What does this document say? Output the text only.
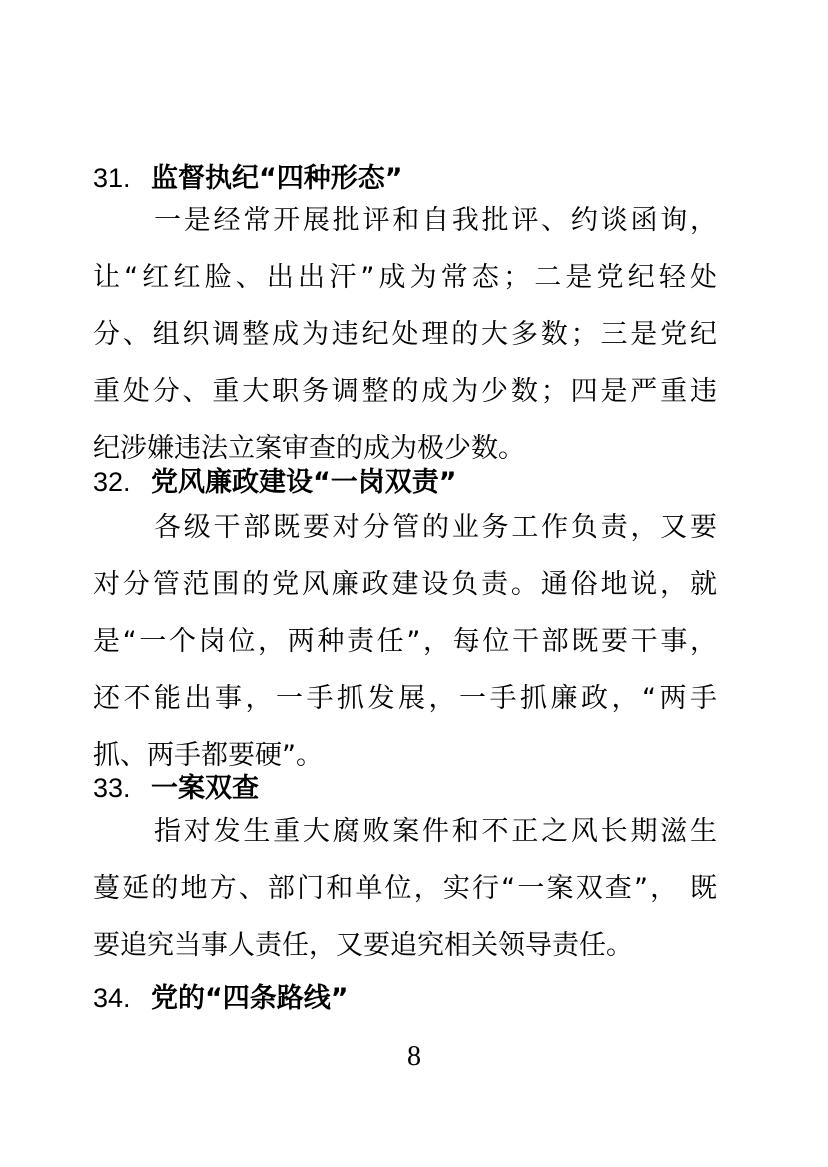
31. 监督执纪“四种形态”
一是经常开展批评和自我批评、约谈函询，
让“红红脸、出出汗”成为常态；二是党纪轻处
分、组织调整成为违纪处理的大多数；三是党纪
重处分、重大职务调整的成为少数；四是严重违
纪涉嫌违法立案审查的成为极少数。
32. 党风廉政建设“一岗双责”
各级干部既要对分管的业务工作负责，又要
对分管范围的党风廉政建设负责。通俗地说，就
是“一个岗位，两种责任”，每位干部既要干事，
还不能出事，一手抓发展，一手抓廉政，“两手
抓、两手都要硬”。
33. 一案双查
指对发生重大腐败案件和不正之风长期滋生
蔓延的地方、部门和单位，实行“一案双查”， 既
要追究当事人责任，又要追究相关领导责任。
34. 党的“四条路线”
8
